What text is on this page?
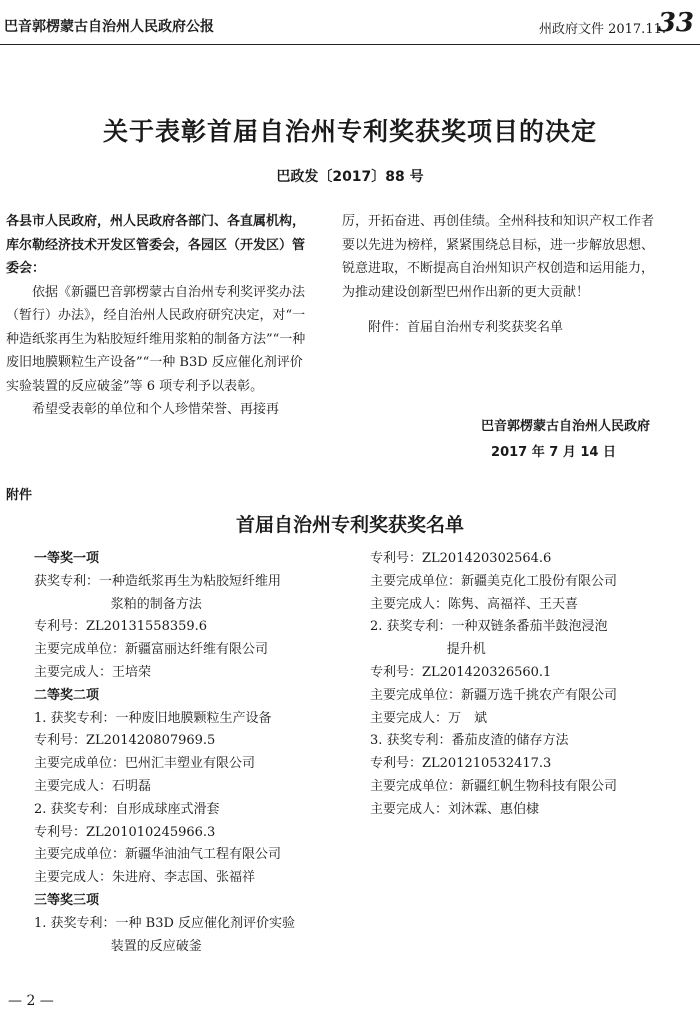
巴音郭楞蒙古自治州人民政府公报	州政府文件 2017.11.
33
关于表彰首届自治州专利奖获奖项目的决定
巴政发〔2017〕88 号

各县市人民政府，州人民政府各部门、各直属机构，库尔勒经济技术开发区管委会，各园区（开发区）管委会：

依据《新疆巴音郭楞蒙古自治州专利奖评奖办法（暂行）办法》，经自治州人民政府研究决定，对“一种造纸浆再生为粘胶短纤维用浆粕的制备方法”“一种废旧地膜颗粒生产设备”“一种 B3D 反应催化剂评价实验装置的反应破釜”等 6 项专利予以表彰。

希望受表彰的单位和个人珍惜荣誉、再接再

厉，开拓奋进、再创佳绩。全州科技和知识产权工作者要以先进为榜样，紧紧围绕总目标，进一步解放思想、锐意进取，不断提高自治州知识产权创造和运用能力，为推动建设创新型巴州作出新的更大贡献！

附件：首届自治州专利奖获奖名单

巴音郭楞蒙古自治州人民政府
2017 年 7 月 14 日
附件
首届自治州专利奖获奖名单
一等奖一项
获奖专利：一种造纸浆再生为粘胶短纤维用
浆粕的制备方法
专利号：ZL20131558359.6
主要完成单位：新疆富丽达纤维有限公司
主要完成人：王培荣
二等奖二项
1. 获奖专利：一种废旧地膜颗粒生产设备
专利号：ZL201420807969.5
主要完成单位：巴州汇丰塑业有限公司
主要完成人：石明磊
2. 获奖专利：自形成球座式滑套
专利号：ZL201010245966.3
主要完成单位：新疆华油油气工程有限公司
主要完成人：朱进府、李志国、张福祥
三等奖三项
1. 获奖专利：一种 B3D 反应催化剂评价实验
装置的反应破釜
专利号：ZL201420302564.6
主要完成单位：新疆美克化工股份有限公司
主要完成人：陈隽、高福祥、王天喜
2. 获奖专利：一种双链条番茄半鼓泡浸泡
提升机
专利号：ZL201420326560.1
主要完成单位：新疆万选千挑农产有限公司
主要完成人：万　斌
3. 获奖专利：番茄皮渣的储存方法
专利号：ZL201210532417.3
主要完成单位：新疆红帆生物科技有限公司
主要完成人：刘沐霖、惠伯棣
— 2 —
